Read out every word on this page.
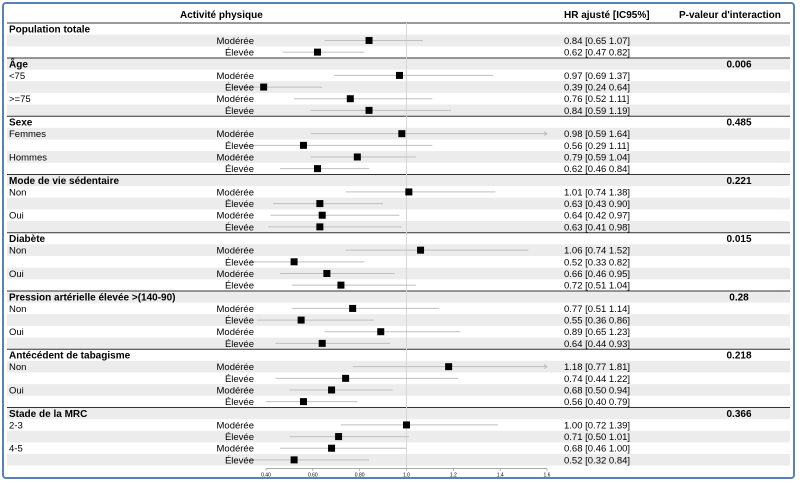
Population totale
Modérée	0.84 [0.65 1.07]
Élevée	0.62 [0.47 0.82]
Âge	0.006
<75	Modérée	0.97 [0.69 1.37]
Élevée	0.39 [0.24 0.64]
>=75	Modérée	0.76 [0.52 1.11]
Élevée	0.84 [0.59 1.19]
Sexe	0.485
Femmes	Modérée	0.98 [0.59 1.64]
Élevée	0.56 [0.29 1.11]
Hommes	Modérée	0.79 [0.59 1.04]
Élevée	0.62 [0.46 0.84]
Mode de vie sédentaire	0.221
Non	Modérée	1.01 [0.74 1.38]
Élevée	0.63 [0.43 0.90]
Oui	Modérée	0.64 [0.42 0.97]
Élevée	0.63 [0.41 0.98]
Diabète	0.015
Non	Modérée	1.06 [0.74 1.52]
Élevée	0.52 [0.33 0.82]
Oui	Modérée	0.66 [0.46 0.95]
Élevée	0.72 [0.51 1.04]
Pression artérielle élevée >(140-90)	0.28
Non	Modérée	0.77 [0.51 1.14]
Élevée	0.55 [0.36 0.86]
Oui	Modérée	0.89 [0.65 1.23]
Élevée	0.64 [0.44 0.93]
Antécédent de tabagisme	0.218
Non	Modérée	1.18 [0.77 1.81]
Élevée	0.74 [0.44 1.22]
Oui	Modérée	0.68 [0.50 0.94]
Élevée	0.56 [0.40 0.79]
Stade de la MRC	0.366
2-3	Modérée	1.00 [0.72 1.39]
Élevée	0.71 [0.50 1.01]
4-5	Modérée	0.68 [0.46 1.00]
Élevée	0.52 [0.32 0.84]
Activité physique	HR ajusté [IC95%]	P-valeur d'interaction
0.40	0.60	0.80	1.0	1.2	1.4	1.6
